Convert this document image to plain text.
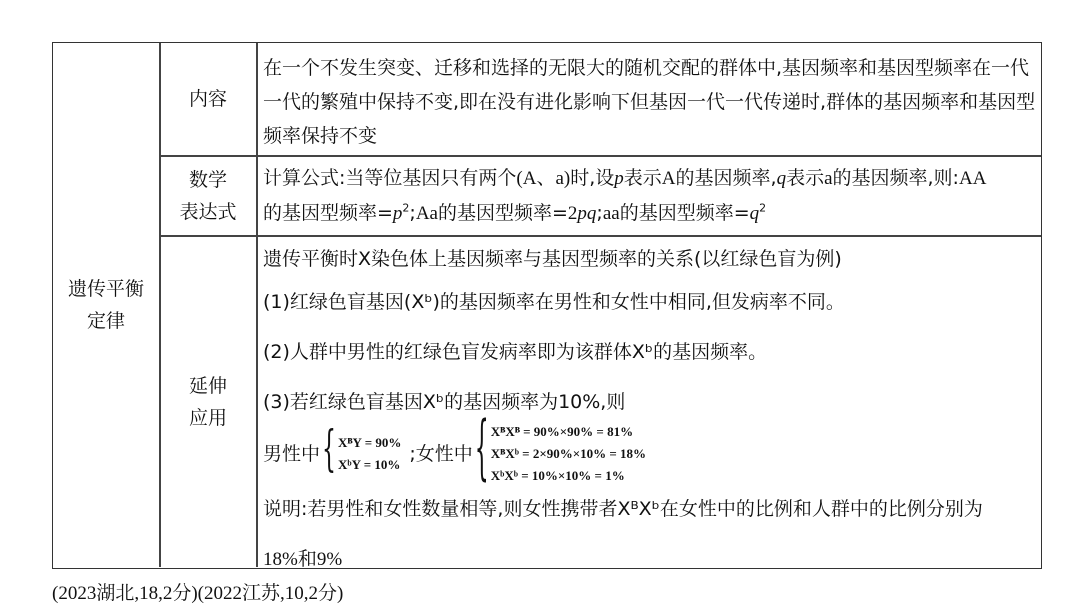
遗传平衡
定律
内容
在一个不发生突变、迁移和选择的无限大的随机交配的群体中,基因频率和基因型频率在一代一代的繁殖中保持不变,即在没有进化影响下但基因一代一代传递时,群体的基因频率和基因型频率保持不变
数学
表达式
计算公式:当等位基因只有两个(A、a)时,设p表示A的基因频率,q表示a的基因频率,则:AA
的基因型频率$=p^2;Aa$的基因型频率=2pq;aa的基因型频率$=q^2$
延伸
应用
遗传平衡时X染色体上基因频率与基因型频率的关系(以红绿色盲为例)
(1)红绿色盲基因(Xᵇ)的基因频率在男性和女性中相同,但发病率不同。
(2)人群中男性的红绿色盲发病率即为该群体Xᵇ的基因频率。
(3)若红绿色盲基因Xᵇ的基因频率为10%,则
男性中 { XᴮY = 90%
XᵇY = 10% ;女性中 { XᴮXᴮ = 90%×90% = 81%
XᴮXᵇ = 2×90%×10% = 18%
XᵇXᵇ = 10%×10% = 1%
说明:若男性和女性数量相等,则女性携带者XᴮXᵇ在女性中的比例和人群中的比例分别为
18%和9%
(2023湖北,18,2分)(2022江苏,10,2分)
